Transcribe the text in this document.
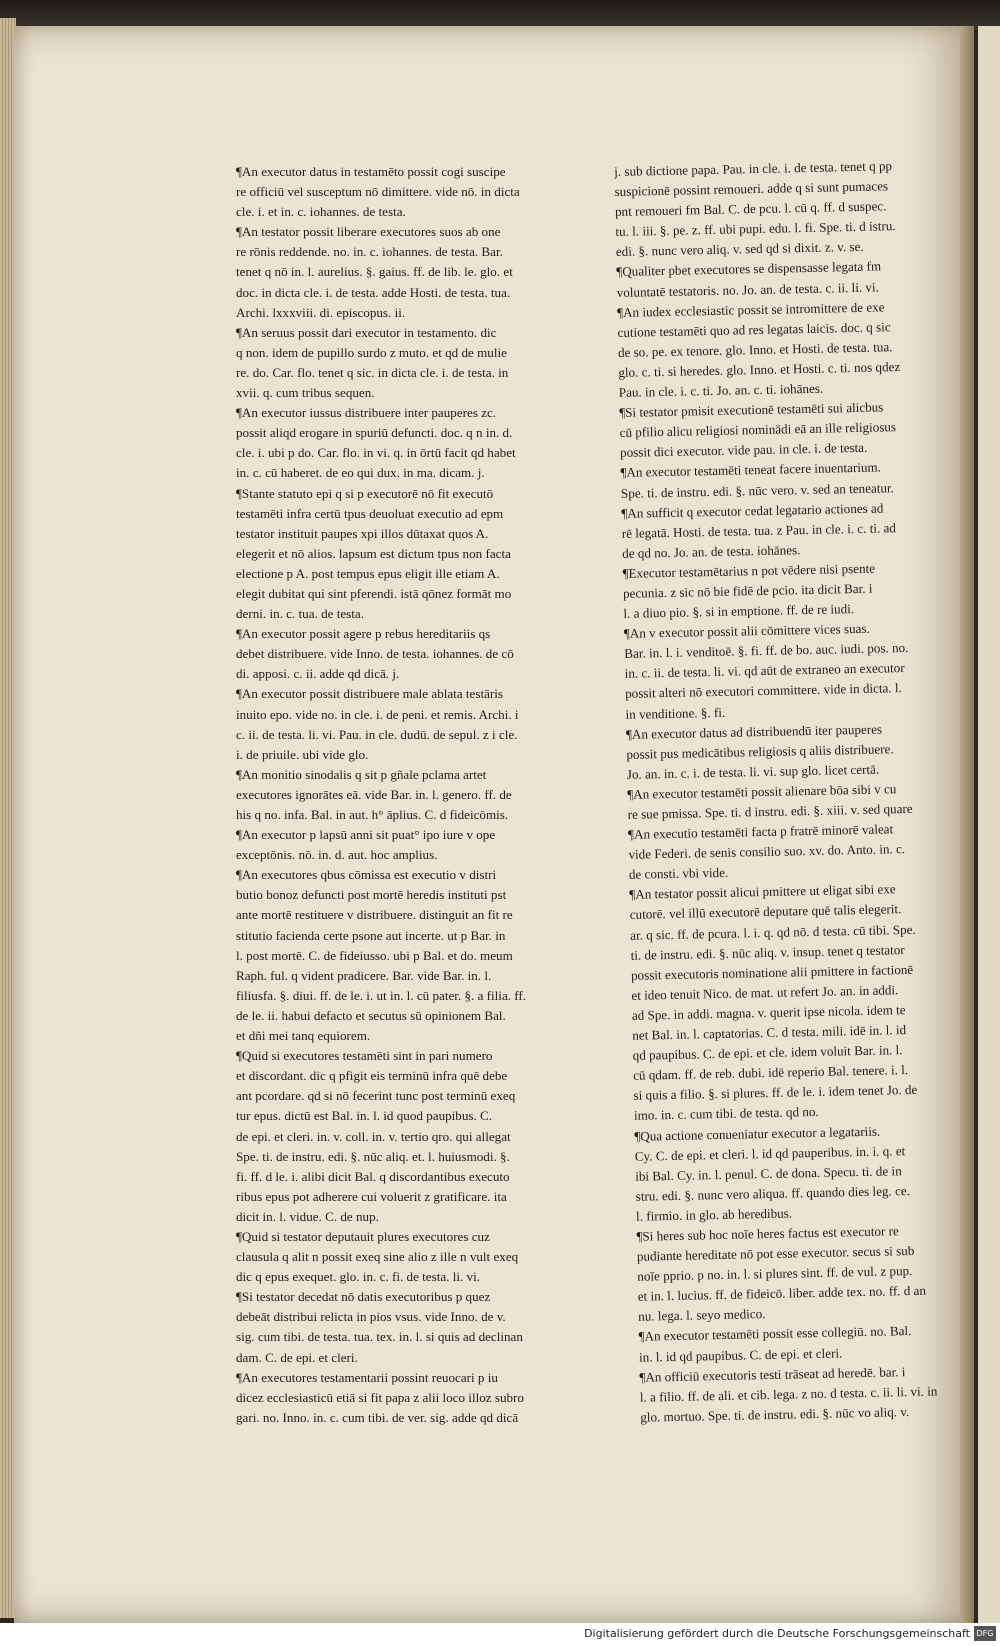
¶An executor datus in testamēto possit cogi suscipe
re officiū vel susceptum nō dimittere. vide nō. in dicta
cle. i. et in. c. iohannes. de testa.
¶An testator possit liberare executores suos ab one
re rōnis reddende. no. in. c. iohannes. de testa. Bar.
tenet q nō in. l. aurelius. §. gaius. ff. de lib. le. glo. et
doc. in dicta cle. i. de testa. adde Hosti. de testa. tua.
Archi. lxxxviii. di. episcopus. ii.
¶An seruus possit dari executor in testamento. dic
q non. idem de pupillo surdo z muto. et qd de mulie
re. do. Car. flo. tenet q sic. in dicta cle. i. de testa. in
xvii. q. cum tribus sequen.
¶An executor iussus distribuere inter pauperes zc.
possit aliqd erogare in spuriū defuncti. doc. q n in. d.
cle. i. ubi p do. Car. flo. in vi. q. in ōrtū facit qd habet
in. c. cū haberet. de eo qui dux. in ma. dicam. j.
¶Stante statuto epi q si p executorē nō fit executō
testamēti infra certū tpus deuoluat executio ad epm
testator instituit paupes xpi illos dūtaxat quos A.
elegerit et nō alios. lapsum est dictum tpus non facta
electione p A. post tempus epus eligit ille etiam A.
elegit dubitat qui sint pferendi. istā qōnez formāt mo
derni. in. c. tua. de testa.
¶An executor possit agere p rebus hereditariis qs
debet distribuere. vide Inno. de testa. iohannes. de cō
di. apposi. c. ii. adde qd dicā. j.
¶An executor possit distribuere male ablata testāris
inuito epo. vide no. in cle. i. de peni. et remis. Archi. i
c. ii. de testa. li. vi. Pau. in cle. dudū. de sepul. z i cle.
i. de priuile. ubi vide glo.
¶An monitio sinodalis q sit p gñale pclama artet
executores ignorātes eā. vide Bar. in. l. genero. ff. de
his q no. infa. Bal. in aut. h° āplius. C. d fideicōmis.
¶An executor p lapsū anni sit puat° ipo iure v ope
exceptōnis. nō. in. d. aut. hoc amplius.
¶An executores qbus cōmissa est executio v distri
butio bonoz defuncti post mortē heredis instituti pst
ante mortē restituere v distribuere. distinguit an fit re
stitutio facienda certe psone aut incerte. ut p Bar. in
l. post mortē. C. de fideiusso. ubi p Bal. et do. meum
Raph. ful. q vident pradicere. Bar. vide Bar. in. l.
filiusfa. §. diui. ff. de le. i. ut in. l. cū pater. §. a filia. ff.
de le. ii. habui defacto et secutus sū opinionem Bal.
et dñi mei tanq equiorem.
¶Quid si executores testamēti sint in pari numero
et discordant. dic q pfigit eis terminū infra quē debe
ant pcordare. qd si nō fecerint tunc post terminū exeq
tur epus. dictū est Bal. in. l. id quod paupibus. C.
de epi. et cleri. in. v. coll. in. v. tertio qro. qui allegat
Spe. ti. de instru. edi. §. nūc aliq. et. l. huiusmodi. §.
fi. ff. d le. i. alibi dicit Bal. q discordantibus executo
ribus epus pot adherere cui voluerit z gratificare. ita
dicit in. l. vidue. C. de nup.
¶Quid si testator deputauit plures executores cuz
clausula q alit n possit exeq sine alio z ille n vult exeq
dic q epus exequet. glo. in. c. fi. de testa. li. vi.
¶Si testator decedat nō datis executoribus p quez
debeāt distribui relicta in pios vsus. vide Inno. de v.
sig. cum tibi. de testa. tua. tex. in. l. si quis ad declinan
dam. C. de epi. et cleri.
¶An executores testamentarii possint reuocari p iu
dicez ecclesiasticū etiā si fit papa z alii loco illoz subro
gari. no. Inno. in. c. cum tibi. de ver. sig. adde qd dicā
j. sub dictione papa. Pau. in cle. i. de testa. tenet q pp
suspicionē possint remoueri. adde q si sunt pumaces
pnt remoueri fm Bal. C. de pcu. l. cū q. ff. d suspec.
tu. l. iii. §. pe. z. ff. ubi pupi. edu. l. fi. Spe. ti. d istru.
edi. §. nunc vero aliq. v. sed qd si dixit. z. v. se.
¶Qualiter pbet executores se dispensasse legata fm
voluntatē testatoris. no. Jo. an. de testa. c. ii. li. vi.
¶An iudex ecclesiastic possit se intromittere de exe
cutione testamēti quo ad res legatas laicis. doc. q sic
de so. pe. ex tenore. glo. Inno. et Hosti. de testa. tua.
glo. c. ti. si heredes. glo. Inno. et Hosti. c. ti. nos qdez
Pau. in cle. i. c. ti. Jo. an. c. ti. iohānes.
¶Si testator pmisit executionē testamēti sui alicbus
cū pfilio alicu religiosi nominādi eā an ille religiosus
possit dici executor. vide pau. in cle. i. de testa.
¶An executor testamēti teneat facere inuentarium.
Spe. ti. de instru. edi. §. nūc vero. v. sed an teneatur.
¶An sufficit q executor cedat legatario actiones ad
rē legatā. Hosti. de testa. tua. z Pau. in cle. i. c. ti. ad
de qd no. Jo. an. de testa. iohānes.
¶Executor testamētarius n pot vēdere nisi psente
pecunia. z sic nō bie fidē de pcio. ita dicit Bar. i
l. a diuo pio. §. si in emptione. ff. de re iudi.
¶An v executor possit alii cōmittere vices suas.
Bar. in. l. i. venditoē. §. fi. ff. de bo. auc. iudi. pos. no.
in. c. ii. de testa. li. vi. qd aūt de extraneo an executor
possit alteri nō executori committere. vide in dicta. l.
in venditione. §. fi.
¶An executor datus ad distribuendū iter pauperes
possit pus medicātibus religiosis q aliis distribuere.
Jo. an. in. c. i. de testa. li. vi. sup glo. licet certā.
¶An executor testamēti possit alienare bōa sibi v cu
re sue pmissa. Spe. ti. d instru. edi. §. xiii. v. sed quare
¶An executio testamēti facta p fratrē minorē valeat
vide Federi. de senis consilio suo. xv. do. Anto. in. c.
de consti. vbi vide.
¶An testator possit alicui pmittere ut eligat sibi exe
cutorē. vel illū executorē deputare quē talis elegerit.
ar. q sic. ff. de pcura. l. i. q. qd nō. d testa. cū tibi. Spe.
ti. de instru. edi. §. nūc aliq. v. insup. tenet q testator
possit executoris nominatione alii pmittere in factionē
et ideo tenuit Nico. de mat. ut refert Jo. an. in addi.
ad Spe. in addi. magna. v. querit ipse nicola. idem te
net Bal. in. l. captatorias. C. d testa. mili. idē in. l. id
qd paupibus. C. de epi. et cle. idem voluit Bar. in. l.
cū qdam. ff. de reb. dubi. idē reperio Bal. tenere. i. l.
si quis a filio. §. si plures. ff. de le. i. idem tenet Jo. de
imo. in. c. cum tibi. de testa. qd no.
¶Qua actione conueniatur executor a legatariis.
Cy. C. de epi. et cleri. l. id qd pauperibus. in. i. q. et
ibi Bal. Cy. in. l. penul. C. de dona. Specu. ti. de in
stru. edi. §. nunc vero aliqua. ff. quando dies leg. ce.
l. firmio. in glo. ab heredibus.
¶Si heres sub hoc noīe heres factus est executor re
pudiante hereditate nō pot esse executor. secus si sub
noīe pprio. p no. in. l. si plures sint. ff. de vul. z pup.
et in. l. lucius. ff. de fideicō. liber. adde tex. no. ff. d an
nu. lega. l. seyo medico.
¶An executor testamēti possit esse collegiū. no. Bal.
in. l. id qd paupibus. C. de epi. et cleri.
¶An officiū executoris testi trāseat ad heredē. bar. i
l. a filio. ff. de ali. et cib. lega. z no. d testa. c. ii. li. vi. in
glo. mortuo. Spe. ti. de instru. edi. §. nūc vo aliq. v.
Digitalisierung gefördert durch die Deutsche Forschungsgemeinschaft DFG
